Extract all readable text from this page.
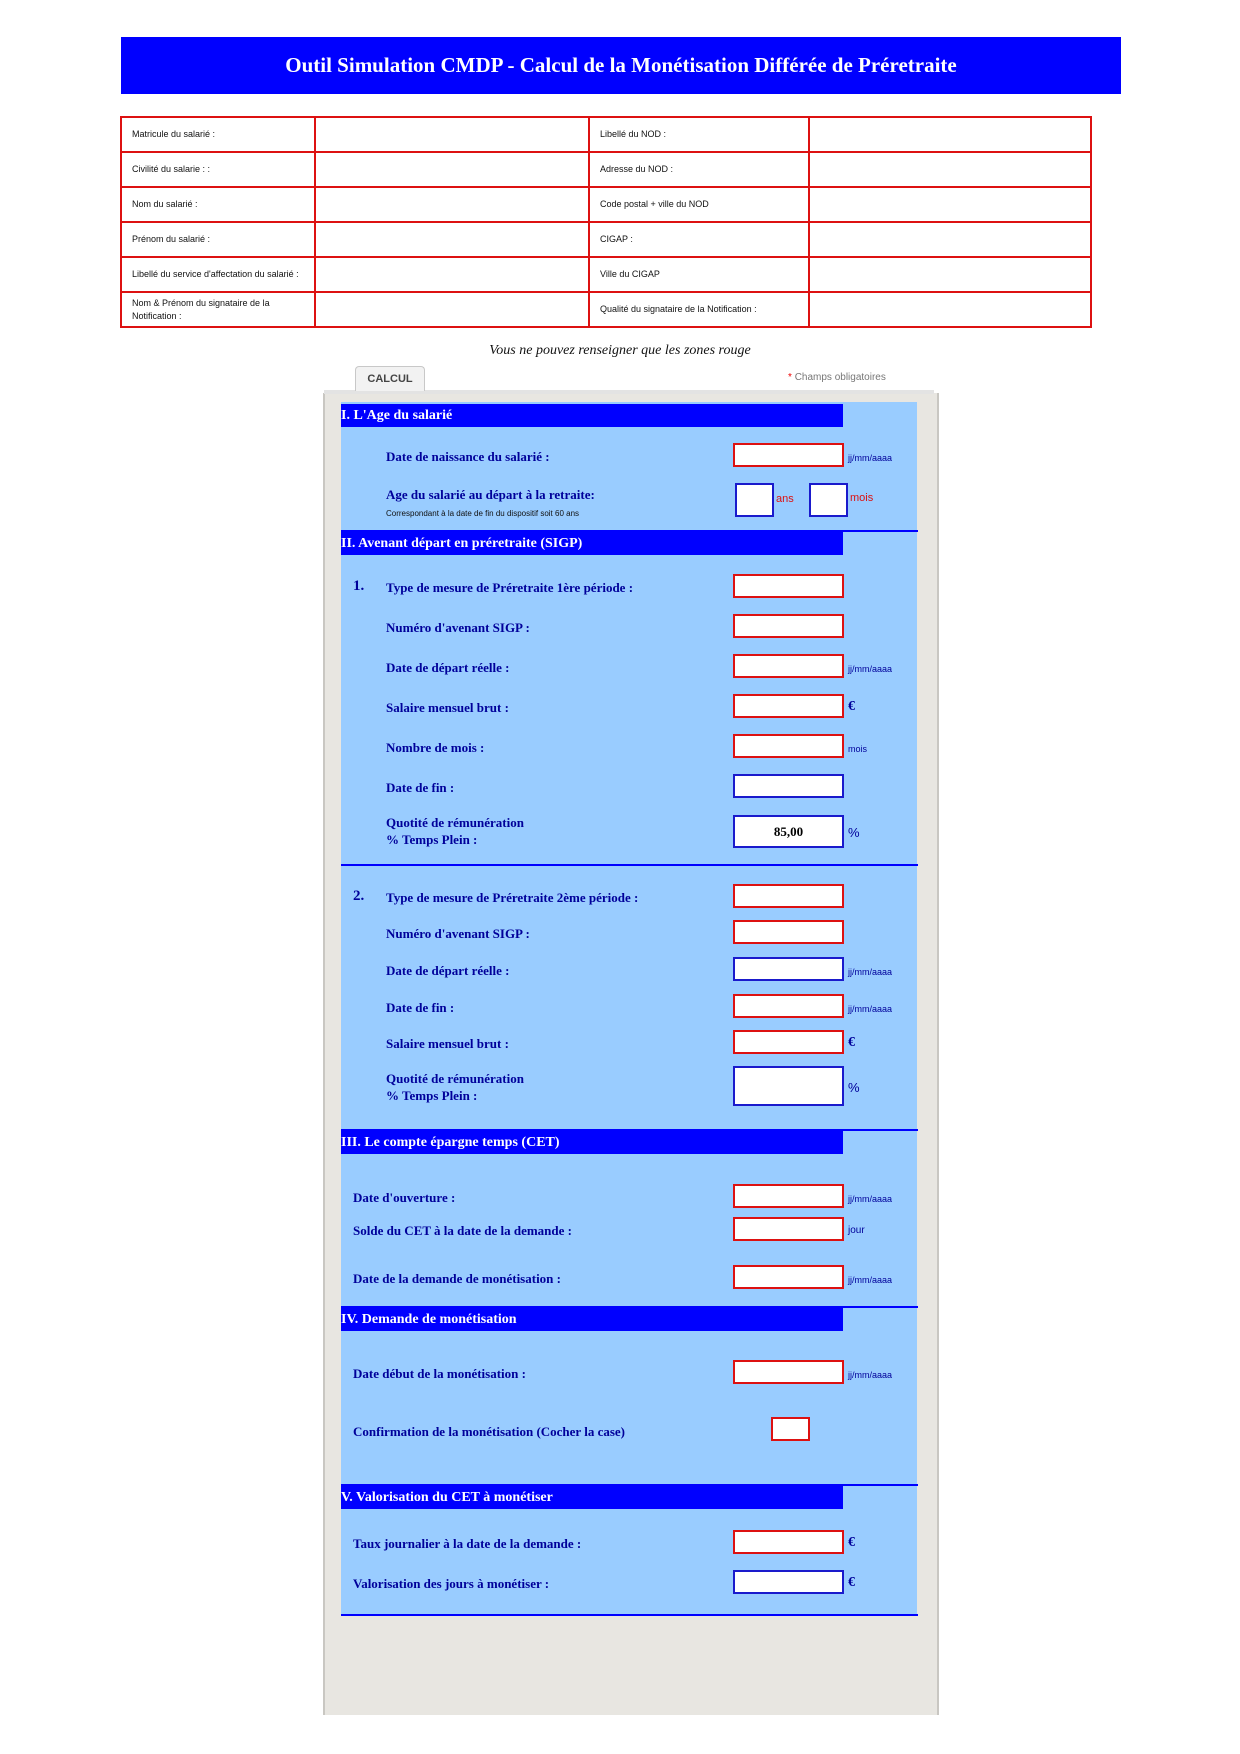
Outil Simulation CMDP - Calcul de la Monétisation Différée de Préretraite
Matricule du salarié :		Libellé du NOD :	

Civilité du salarie : :		Adresse du NOD :	

Nom du salarié :		Code postal + ville du NOD	

Prénom du salarié :		CIGAP :	

Libellé du service d'affectation du salarié :		Ville du CIGAP	

Nom & Prénom du signataire de la Notification :		Qualité du signataire de la Notification :	
Vous ne pouvez renseigner que les zones rouge
CALCUL	* Champs obligatoires
I. L'Age du salarié
Date de naissance du salarié :	jj/mm/aaaa
Age du salarié au départ à la retraite:
Correspondant à la date de fin du dispositif soit 60 ans
ans	mois
II. Avenant départ en préretraite (SIGP)
1. Type de mesure de Préretraite 1ère période :
Numéro d'avenant SIGP :
Date de départ réelle :	jj/mm/aaaa
Salaire mensuel brut :	€
Nombre de mois :	mois
Date de fin :
Quotité de rémunération
% Temps Plein :
85,00	%
2. Type de mesure de Préretraite 2ème période :
Numéro d'avenant SIGP :
Date de départ réelle :	jj/mm/aaaa
Date de fin :	jj/mm/aaaa
Salaire mensuel brut :	€
Quotité de rémunération
% Temps Plein :
%
III. Le compte épargne temps (CET)
Date d'ouverture :	jj/mm/aaaa
Solde du CET à la date de la demande :	jour
Date de la demande de monétisation :	jj/mm/aaaa
IV. Demande de monétisation
Date début de la monétisation :	jj/mm/aaaa
Confirmation de la monétisation (Cocher la case)
V. Valorisation du CET à monétiser
Taux journalier à la date de la demande :	€
Valorisation des jours à monétiser :	€
